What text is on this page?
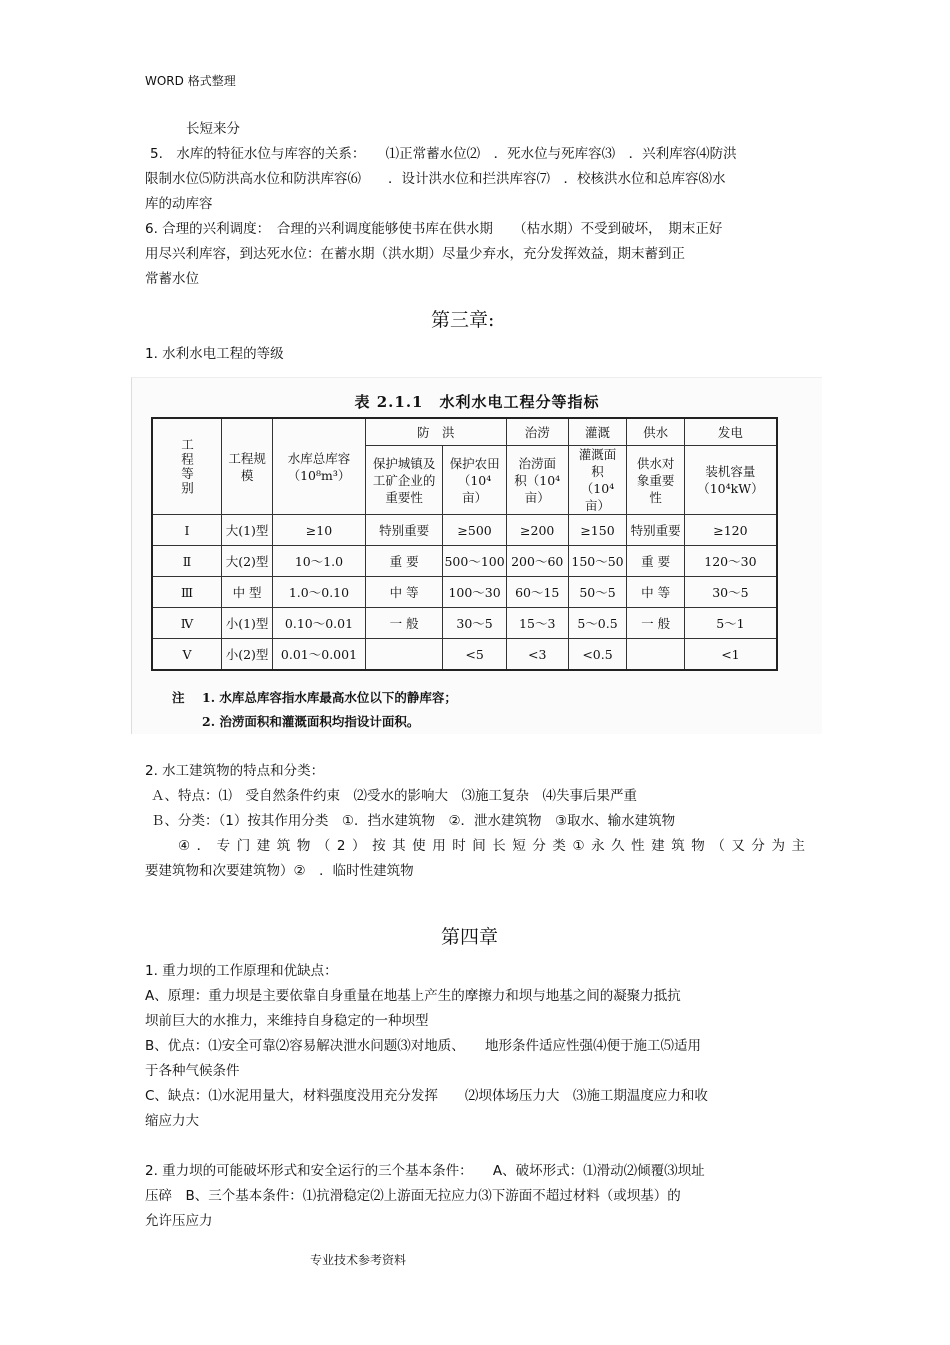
WORD 格式整理
长短来分
5.　水库的特征水位与库容的关系：　　⑴正常蓄水位⑵　．死水位与死库容⑶　．兴利库容⑷防洪
限制水位⑸防洪高水位和防洪库容⑹　　．设计洪水位和拦洪库容⑺　．校核洪水位和总库容⑻水
库的动库容
6. 合理的兴利调度：　合理的兴利调度能够使书库在供水期　　（枯水期）不受到破坏，　期末正好
用尽兴利库容，到达死水位：在蓄水期（洪水期）尽量少弃水，充分发挥效益，期末蓄到正
常蓄水位
第三章:
1. 水利水电工程的等级
表 2.1.1　水利水电工程分等指标
工程等别	工程规模	水库总库容（10⁸m³）	防　洪		治涝	灌溉	供水	发电
			保护城镇及工矿企业的重要性	保护农田（10⁴ 亩）	治涝面积（10⁴ 亩）	灌溉面积（10⁴ 亩）	供水对象重要性	装机容量（10⁴kW）
Ⅰ	大(1)型	≥10	特别重要	≥500	≥200	≥150	特别重要	≥120
Ⅱ	大(2)型	10～1.0	重 要	500～100	200～60	150～50	重 要	120～30
Ⅲ	中 型	1.0～0.10	中 等	100～30	60～15	50～5	中 等	30～5
Ⅳ	小(1)型	0.10～0.01	一 般	30～5	15～3	5～0.5	一 般	5～1
Ⅴ	小(2)型	0.01～0.001		<5	<3	<0.5		<1
注 1. 水库总库容指水库最高水位以下的静库容；
2. 治涝面积和灌溉面积均指设计面积。
2. 水工建筑物的特点和分类：
Ａ、特点：⑴　受自然条件约束　⑵受水的影响大　⑶施工复杂　⑷失事后果严重
Ｂ、分类：（1）按其作用分类　①．挡水建筑物　②．泄水建筑物　③取水、输水建筑物
④．专门建筑物（2）按其使用时间长短分类①永久性建筑物（又分为主
要建筑物和次要建筑物）②　．临时性建筑物
第四章
1. 重力坝的工作原理和优缺点：
A、原理：重力坝是主要依靠自身重量在地基上产生的摩擦力和坝与地基之间的凝聚力抵抗
坝前巨大的水推力，来维持自身稳定的一种坝型
B、优点：⑴安全可靠⑵容易解决泄水问题⑶对地质、　　地形条件适应性强⑷便于施工⑸适用
于各种气候条件
C、缺点：⑴水泥用量大，材料强度没用充分发挥　　⑵坝体场压力大　⑶施工期温度应力和收
缩应力大
2. 重力坝的可能破坏形式和安全运行的三个基本条件：　　A、破坏形式：⑴滑动⑵倾覆⑶坝址
压碎　B、三个基本条件：⑴抗滑稳定⑵上游面无拉应力⑶下游面不超过材料（或坝基）的
允许压应力
专业技术参考资料
